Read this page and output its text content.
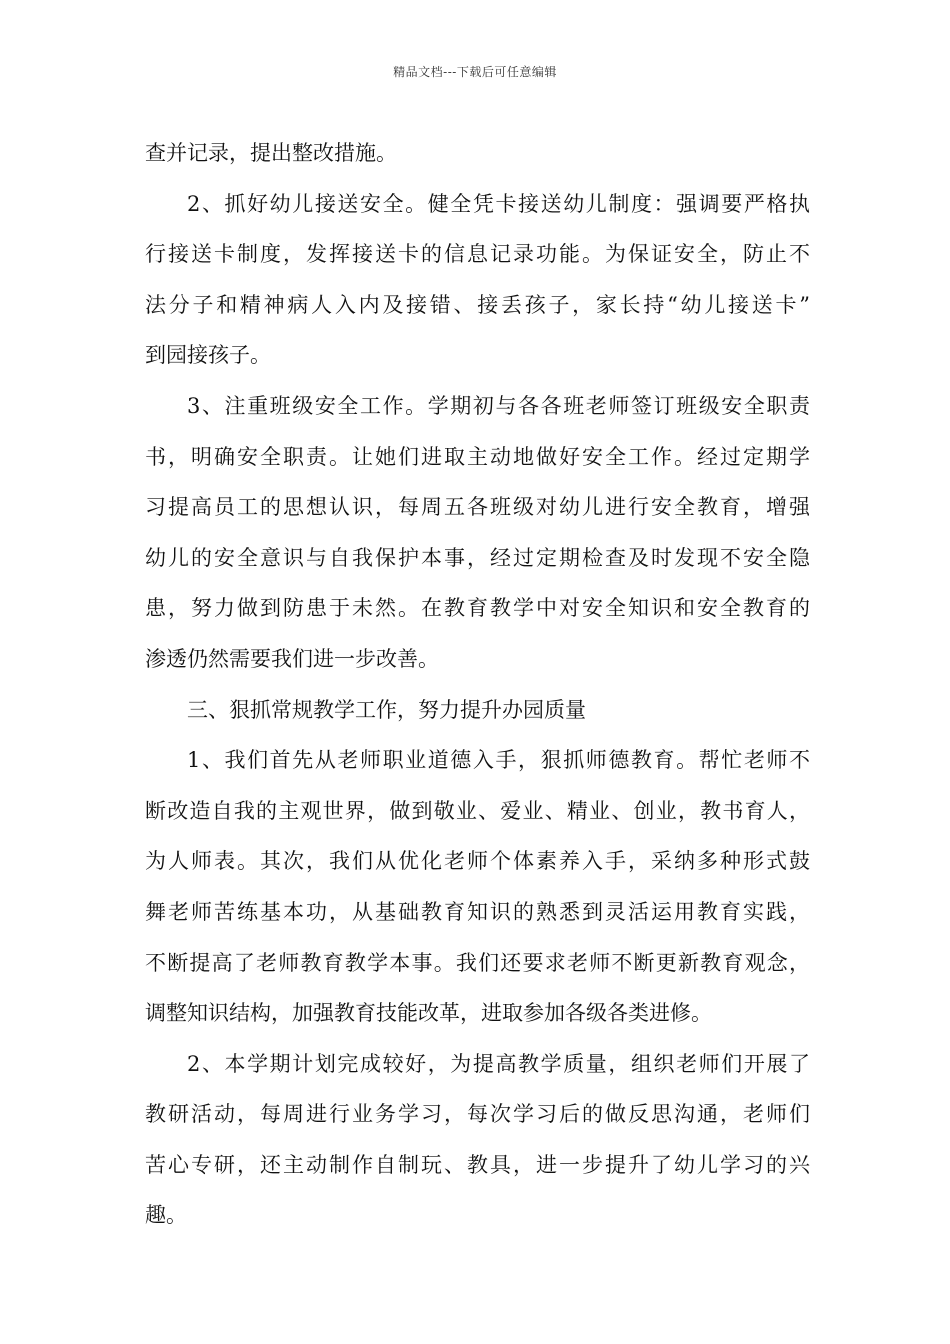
精品文档---下载后可任意编辑
查并记录，提出整改措施。
2、抓好幼儿接送安全。健全凭卡接送幼儿制度：强调要严格执
行接送卡制度，发挥接送卡的信息记录功能。为保证安全，防止不
法分子和精神病人入内及接错、接丢孩子，家长持“幼儿接送卡”
到园接孩子。
3、注重班级安全工作。学期初与各各班老师签订班级安全职责
书，明确安全职责。让她们进取主动地做好安全工作。经过定期学
习提高员工的思想认识，每周五各班级对幼儿进行安全教育，增强
幼儿的安全意识与自我保护本事，经过定期检查及时发现不安全隐
患，努力做到防患于未然。在教育教学中对安全知识和安全教育的
渗透仍然需要我们进一步改善。
三、狠抓常规教学工作，努力提升办园质量
1、我们首先从老师职业道德入手，狠抓师德教育。帮忙老师不
断改造自我的主观世界，做到敬业、爱业、精业、创业，教书育人，
为人师表。其次，我们从优化老师个体素养入手，采纳多种形式鼓
舞老师苦练基本功，从基础教育知识的熟悉到灵活运用教育实践，
不断提高了老师教育教学本事。我们还要求老师不断更新教育观念，
调整知识结构，加强教育技能改革，进取参加各级各类进修。
2、本学期计划完成较好，为提高教学质量，组织老师们开展了
教研活动，每周进行业务学习，每次学习后的做反思沟通，老师们
苦心专研，还主动制作自制玩、教具，进一步提升了幼儿学习的兴
趣。
